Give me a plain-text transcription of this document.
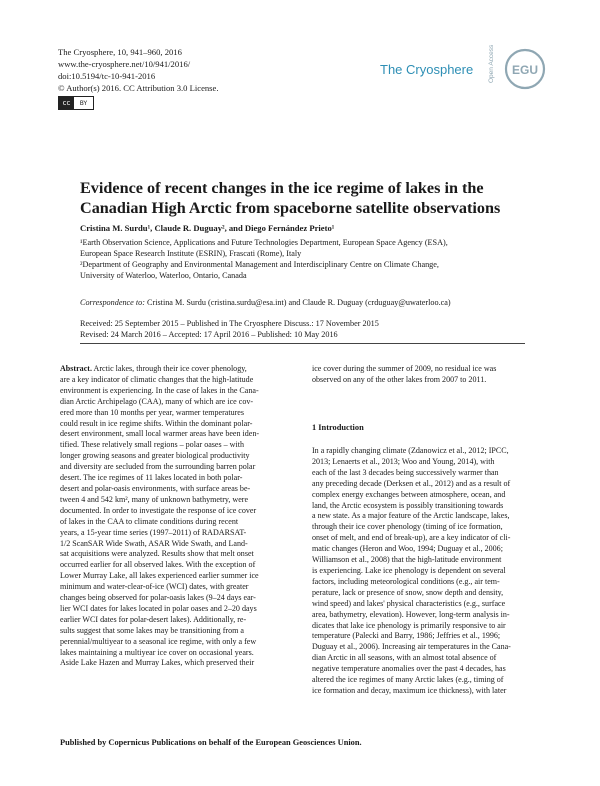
The Cryosphere, 10, 941–960, 2016
www.the-cryosphere.net/10/941/2016/
doi:10.5194/tc-10-941-2016
© Author(s) 2016. CC Attribution 3.0 License.
cc	BY
The Cryosphere Open Access	EGU
Evidence of recent changes in the ice regime of lakes in the
Canadian High Arctic from spaceborne satellite observations
Cristina M. Surdu¹, Claude R. Duguay², and Diego Fernández Prieto¹
¹Earth Observation Science, Applications and Future Technologies Department, European Space Agency (ESA),
European Space Research Institute (ESRIN), Frascati (Rome), Italy
²Department of Geography and Environmental Management and Interdisciplinary Centre on Climate Change,
University of Waterloo, Waterloo, Ontario, Canada
Correspondence to: Cristina M. Surdu (cristina.surdu@esa.int) and Claude R. Duguay (crduguay@uwaterloo.ca)
Received: 25 September 2015 – Published in The Cryosphere Discuss.: 17 November 2015
Revised: 24 March 2016 – Accepted: 17 April 2016 – Published: 10 May 2016
Abstract. Arctic lakes, through their ice cover phenology,
are a key indicator of climatic changes that the high-latitude
environment is experiencing. In the case of lakes in the Cana-
dian Arctic Archipelago (CAA), many of which are ice cov-
ered more than 10 months per year, warmer temperatures
could result in ice regime shifts. Within the dominant polar-
desert environment, small local warmer areas have been iden-
tified. These relatively small regions – polar oases – with
longer growing seasons and greater biological productivity
and diversity are secluded from the surrounding barren polar
desert. The ice regimes of 11 lakes located in both polar-
desert and polar-oasis environments, with surface areas be-
tween 4 and 542 km², many of unknown bathymetry, were
documented. In order to investigate the response of ice cover
of lakes in the CAA to climate conditions during recent
years, a 15-year time series (1997–2011) of RADARSAT-
1/2 ScanSAR Wide Swath, ASAR Wide Swath, and Land-
sat acquisitions were analyzed. Results show that melt onset
occurred earlier for all observed lakes. With the exception of
Lower Murray Lake, all lakes experienced earlier summer ice
minimum and water-clear-of-ice (WCI) dates, with greater
changes being observed for polar-oasis lakes (9–24 days ear-
lier WCI dates for lakes located in polar oases and 2–20 days
earlier WCI dates for polar-desert lakes). Additionally, re-
sults suggest that some lakes may be transitioning from a
perennial/multiyear to a seasonal ice regime, with only a few
lakes maintaining a multiyear ice cover on occasional years.
Aside Lake Hazen and Murray Lakes, which preserved their
ice cover during the summer of 2009, no residual ice was
observed on any of the other lakes from 2007 to 2011.
1 Introduction
In a rapidly changing climate (Zdanowicz et al., 2012; IPCC,
2013; Lenaerts et al., 2013; Woo and Young, 2014), with
each of the last 3 decades being successively warmer than
any preceding decade (Derksen et al., 2012) and as a result of
complex energy exchanges between atmosphere, ocean, and
land, the Arctic ecosystem is possibly transitioning towards
a new state. As a major feature of the Arctic landscape, lakes,
through their ice cover phenology (timing of ice formation,
onset of melt, and end of break-up), are a key indicator of cli-
matic changes (Heron and Woo, 1994; Duguay et al., 2006;
Williamson et al., 2008) that the high-latitude environment
is experiencing. Lake ice phenology is dependent on several
factors, including meteorological conditions (e.g., air tem-
perature, lack or presence of snow, snow depth and density,
wind speed) and lakes' physical characteristics (e.g., surface
area, bathymetry, elevation). However, long-term analysis in-
dicates that lake ice phenology is primarily responsive to air
temperature (Palecki and Barry, 1986; Jeffries et al., 1996;
Duguay et al., 2006). Increasing air temperatures in the Cana-
dian Arctic in all seasons, with an almost total absence of
negative temperature anomalies over the past 4 decades, has
altered the ice regimes of many Arctic lakes (e.g., timing of
ice formation and decay, maximum ice thickness), with later
Published by Copernicus Publications on behalf of the European Geosciences Union.
